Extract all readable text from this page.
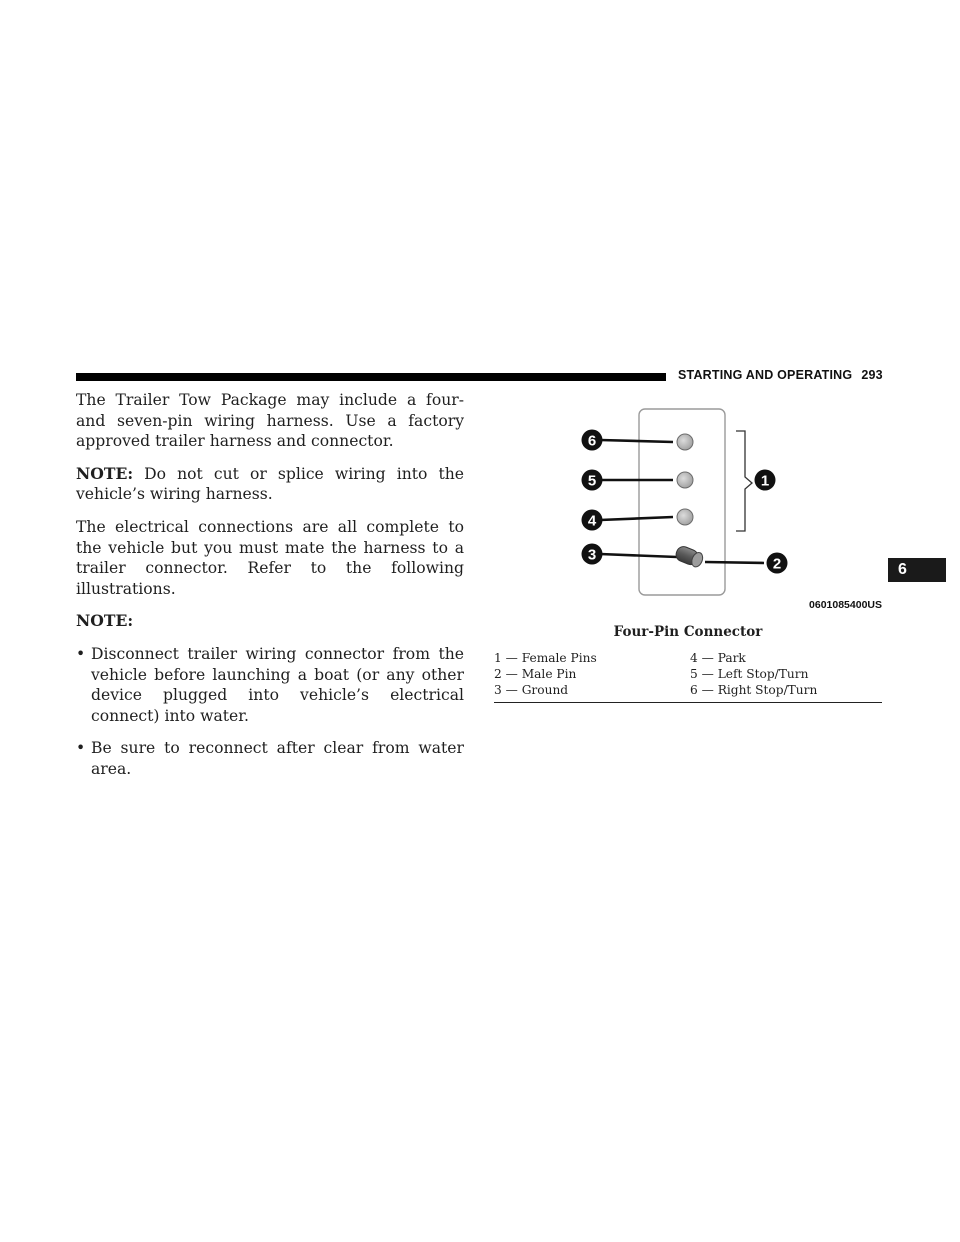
STARTING AND OPERATING 293

The Trailer Tow Package may include a four- and seven-pin wiring harness. Use a factory approved trailer harness and connector.

NOTE: Do not cut or splice wiring into the vehicle’s wiring harness.

The electrical connections are all complete to the vehicle but you must mate the harness to a trailer connector. Refer to the following illustrations.

NOTE:

• Disconnect trailer wiring connector from the vehicle before launching a boat (or any other device plugged into vehicle’s electrical connect) into water.
• Be sure to reconnect after clear from water area.
6
5
4
3
2
1
0601085400US
Four-Pin Connector
1 — Female Pins	4 — Park
2 — Male Pin	5 — Left Stop/Turn
3 — Ground	6 — Right Stop/Turn
6
